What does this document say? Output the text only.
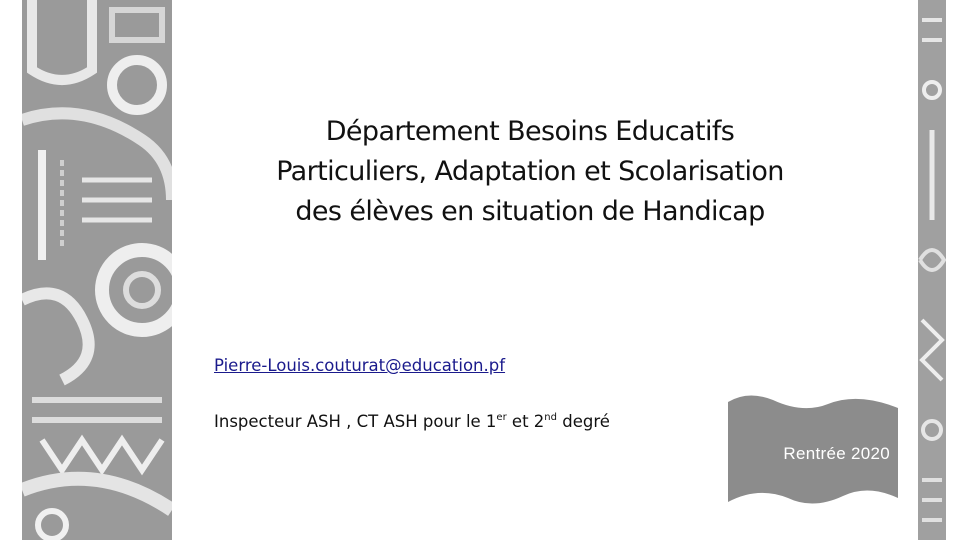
Département Besoins Educatifs
Particuliers, Adaptation et Scolarisation
des élèves en situation de Handicap
Pierre-Louis.couturat@education.pf
Inspecteur ASH , CT ASH pour le 1er et 2nd degré
Rentrée 2020
